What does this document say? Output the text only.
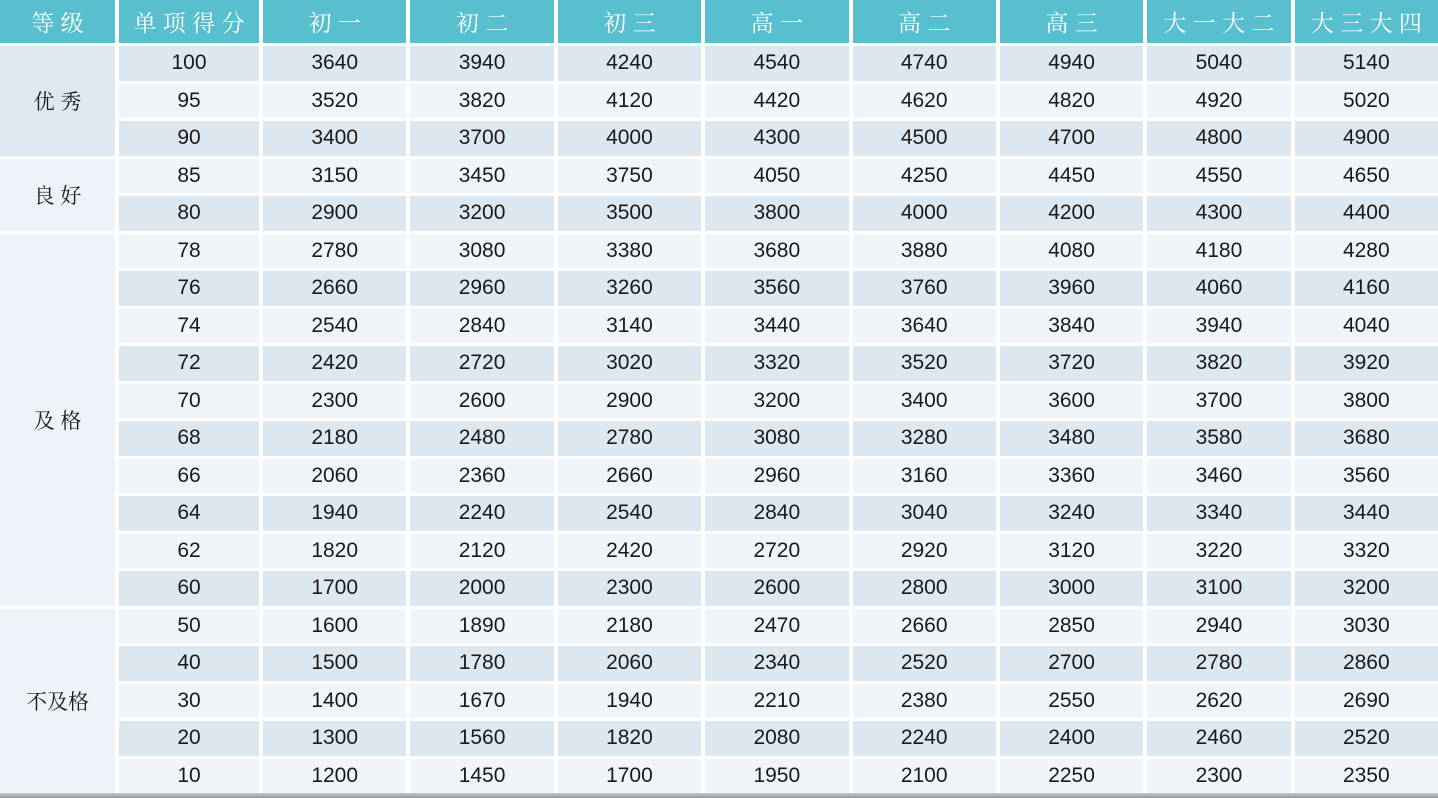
等 级	单 项 得 分	初 一	初 二	初 三	高 一	高 二	高 三	大 一 大 二	大 三 大 四
优 秀	100	3640	3940	4240	4540	4740	4940	5040	5140
	95	3520	3820	4120	4420	4620	4820	4920	5020
	90	3400	3700	4000	4300	4500	4700	4800	4900
良 好	85	3150	3450	3750	4050	4250	4450	4550	4650
	80	2900	3200	3500	3800	4000	4200	4300	4400
及 格	78	2780	3080	3380	3680	3880	4080	4180	4280
	76	2660	2960	3260	3560	3760	3960	4060	4160
	74	2540	2840	3140	3440	3640	3840	3940	4040
	72	2420	2720	3020	3320	3520	3720	3820	3920
	70	2300	2600	2900	3200	3400	3600	3700	3800
	68	2180	2480	2780	3080	3280	3480	3580	3680
	66	2060	2360	2660	2960	3160	3360	3460	3560
	64	1940	2240	2540	2840	3040	3240	3340	3440
	62	1820	2120	2420	2720	2920	3120	3220	3320
	60	1700	2000	2300	2600	2800	3000	3100	3200
不及格	50	1600	1890	2180	2470	2660	2850	2940	3030
	40	1500	1780	2060	2340	2520	2700	2780	2860
	30	1400	1670	1940	2210	2380	2550	2620	2690
	20	1300	1560	1820	2080	2240	2400	2460	2520
	10	1200	1450	1700	1950	2100	2250	2300	2350
